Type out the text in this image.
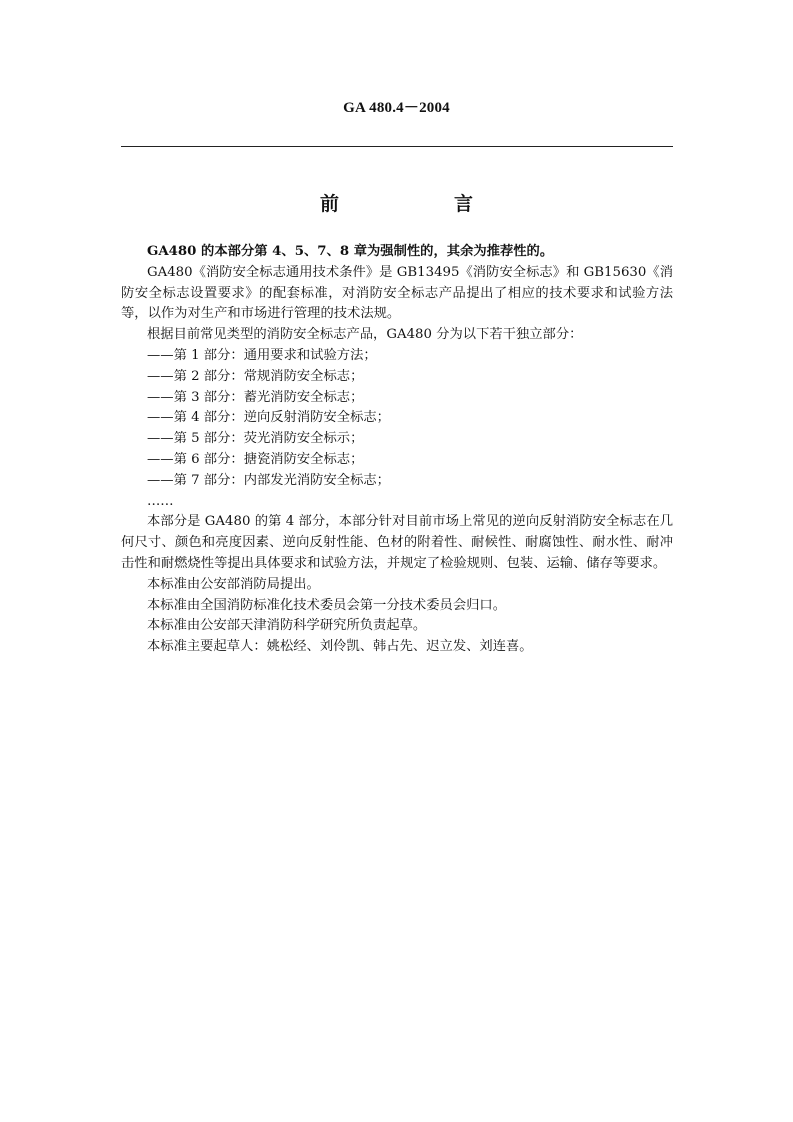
GA 480.4－2004
前　言

GA480 的本部分第 4、5、7、8 章为强制性的，其余为推荐性的。

GA480《消防安全标志通用技术条件》是 GB13495《消防安全标志》和 GB15630《消防安全标志设置要求》的配套标准，对消防安全标志产品提出了相应的技术要求和试验方法等，以作为对生产和市场进行管理的技术法规。

根据目前常见类型的消防安全标志产品，GA480 分为以下若干独立部分：

——第 1 部分：通用要求和试验方法；

——第 2 部分：常规消防安全标志；

——第 3 部分：蓄光消防安全标志；

——第 4 部分：逆向反射消防安全标志；

——第 5 部分：荧光消防安全标示；

——第 6 部分：搪瓷消防安全标志；

——第 7 部分：内部发光消防安全标志；

……

本部分是 GA480 的第 4 部分，本部分针对目前市场上常见的逆向反射消防安全标志在几何尺寸、颜色和亮度因素、逆向反射性能、色材的附着性、耐候性、耐腐蚀性、耐水性、耐冲击性和耐燃烧性等提出具体要求和试验方法，并规定了检验规则、包装、运输、储存等要求。

本标准由公安部消防局提出。

本标准由全国消防标准化技术委员会第一分技术委员会归口。

本标准由公安部天津消防科学研究所负责起草。

本标准主要起草人：姚松经、刘伶凯、韩占先、迟立发、刘连喜。
